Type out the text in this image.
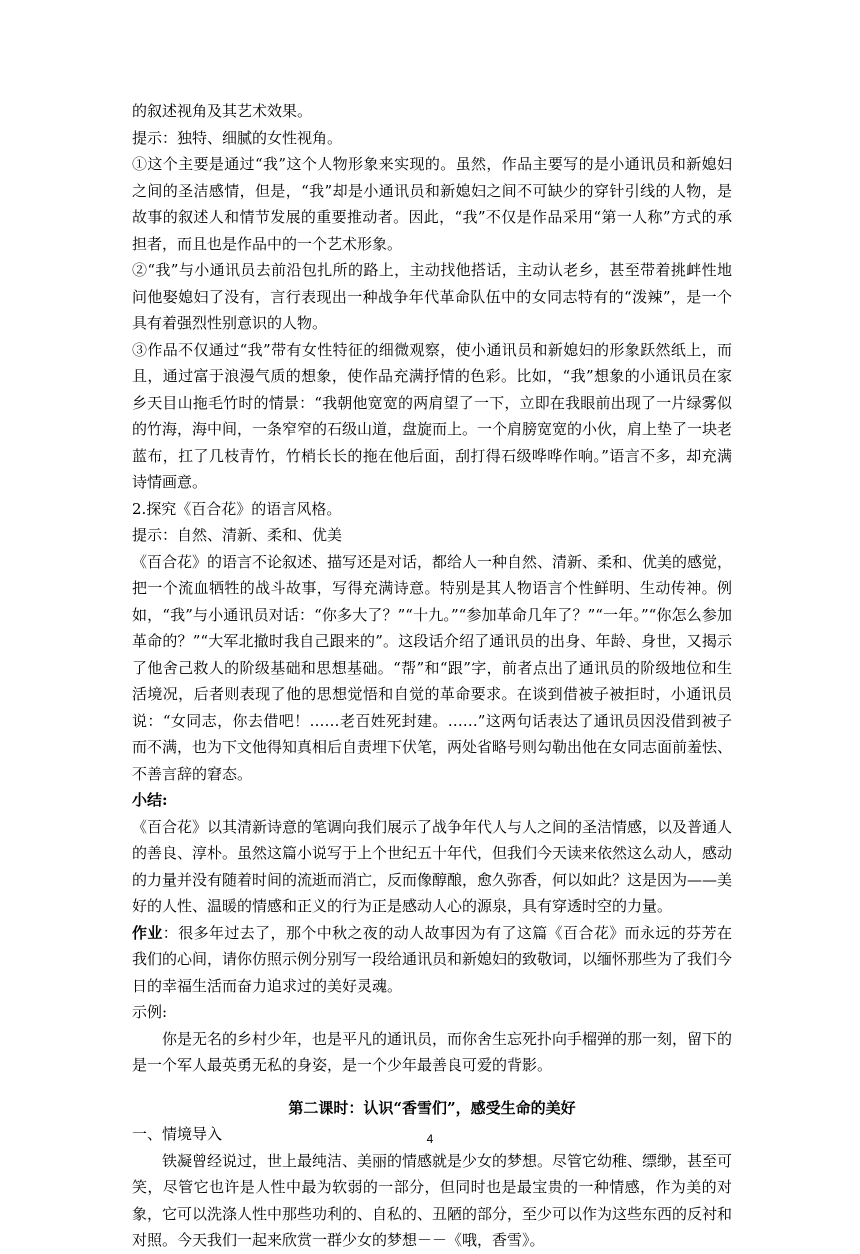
的叙述视角及其艺术效果。

提示：独特、细腻的女性视角。

①这个主要是通过“我”这个人物形象来实现的。虽然，作品主要写的是小通讯员和新媳妇之间的圣洁感情，但是，“我”却是小通讯员和新媳妇之间不可缺少的穿针引线的人物，是故事的叙述人和情节发展的重要推动者。因此，“我”不仅是作品采用“第一人称”方式的承担者，而且也是作品中的一个艺术形象。

②“我”与小通讯员去前沿包扎所的路上，主动找他搭话，主动认老乡，甚至带着挑衅性地问他娶媳妇了没有，言行表现出一种战争年代革命队伍中的女同志特有的“泼辣”，是一个具有着强烈性别意识的人物。

③作品不仅通过“我”带有女性特征的细微观察，使小通讯员和新媳妇的形象跃然纸上，而且，通过富于浪漫气质的想象，使作品充满抒情的色彩。比如，“我”想象的小通讯员在家乡天目山拖毛竹时的情景：“我朝他宽宽的两肩望了一下，立即在我眼前出现了一片绿雾似的竹海，海中间，一条窄窄的石级山道，盘旋而上。一个肩膀宽宽的小伙，肩上垫了一块老蓝布，扛了几枝青竹，竹梢长长的拖在他后面，刮打得石级哗哗作响。”语言不多，却充满诗情画意。

2.探究《百合花》的语言风格。

提示：自然、清新、柔和、优美

《百合花》的语言不论叙述、描写还是对话，都给人一种自然、清新、柔和、优美的感觉，把一个流血牺牲的战斗故事，写得充满诗意。特别是其人物语言个性鲜明、生动传神。例如，“我”与小通讯员对话：“你多大了？”“十九。”“参加革命几年了？”“一年。”“你怎么参加革命的？”“大军北撤时我自己跟来的”。这段话介绍了通讯员的出身、年龄、身世，又揭示了他舍己救人的阶级基础和思想基础。“帮”和“跟”字，前者点出了通讯员的阶级地位和生活境况，后者则表现了他的思想觉悟和自觉的革命要求。在谈到借被子被拒时，小通讯员说：“女同志，你去借吧！……老百姓死封建。……”这两句话表达了通讯员因没借到被子而不满，也为下文他得知真相后自责埋下伏笔，两处省略号则勾勒出他在女同志面前羞怯、不善言辞的窘态。

小结:

《百合花》以其清新诗意的笔调向我们展示了战争年代人与人之间的圣洁情感，以及普通人的善良、淳朴。虽然这篇小说写于上个世纪五十年代，但我们今天读来依然这么动人，感动的力量并没有随着时间的流逝而消亡，反而像醇酿，愈久弥香，何以如此？这是因为——美好的人性、温暖的情感和正义的行为正是感动人心的源泉，具有穿透时空的力量。

作业：很多年过去了，那个中秋之夜的动人故事因为有了这篇《百合花》而永远的芬芳在我们的心间，请你仿照示例分别写一段给通讯员和新媳妇的致敬词，以缅怀那些为了我们今日的幸福生活而奋力追求过的美好灵魂。

示例:

你是无名的乡村少年，也是平凡的通讯员，而你舍生忘死扑向手榴弹的那一刻，留下的是一个军人最英勇无私的身姿，是一个少年最善良可爱的背影。

第二课时：认识“香雪们”，感受生命的美好

一、情境导入

铁凝曾经说过，世上最纯洁、美丽的情感就是少女的梦想。尽管它幼稚、缥缈，甚至可笑，尽管它也许是人性中最为软弱的一部分，但同时也是最宝贵的一种情感，作为美的对象，它可以洗涤人性中那些功利的、自私的、丑陋的部分，至少可以作为这些东西的反衬和对照。今天我们一起来欣赏一群少女的梦想－－《哦，香雪》。

4
